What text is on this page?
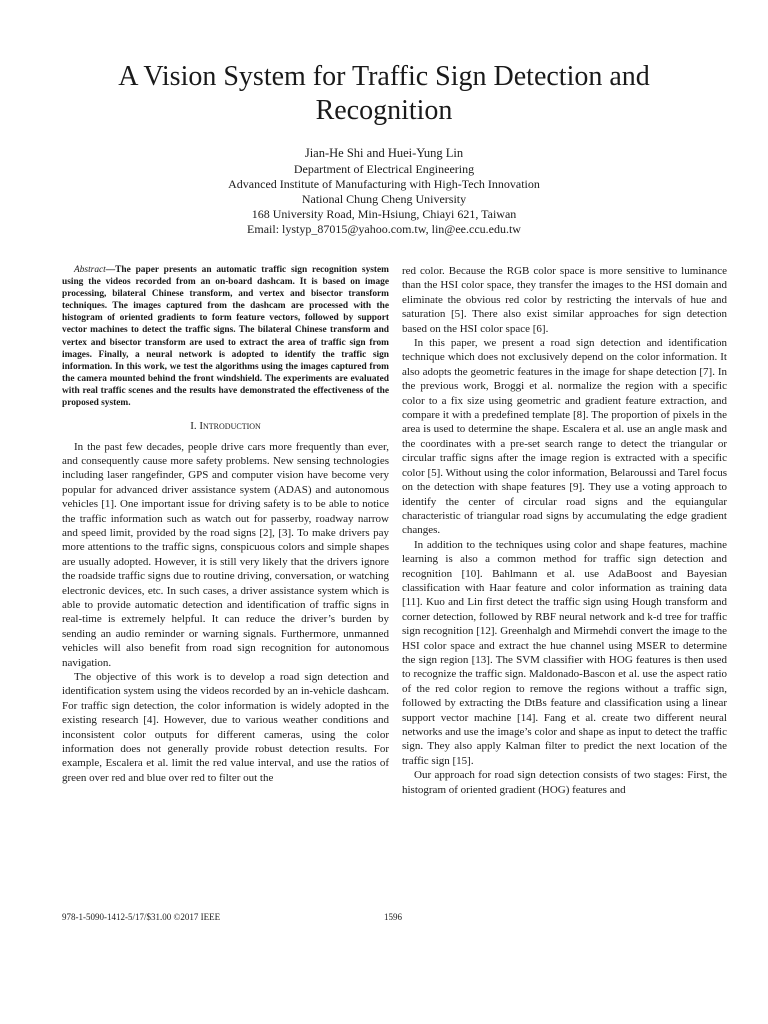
A Vision System for Traffic Sign Detection and
Recognition
Jian-He Shi and Huei-Yung Lin
Department of Electrical Engineering
Advanced Institute of Manufacturing with High-Tech Innovation
National Chung Cheng University
168 University Road, Min-Hsiung, Chiayi 621, Taiwan
Email: lystyp_87015@yahoo.com.tw, lin@ee.ccu.edu.tw

Abstract—The paper presents an automatic traffic sign recognition system using the videos recorded from an on-board dashcam. It is based on image processing, bilateral Chinese transform, and vertex and bisector transform techniques. The images captured from the dashcam are processed with the histogram of oriented gradients to form feature vectors, followed by support vector machines to detect the traffic signs. The bilateral Chinese transform and vertex and bisector transform are used to extract the area of traffic sign from images. Finally, a neural network is adopted to identify the traffic sign information. In this work, we test the algorithms using the images captured from the camera mounted behind the front windshield. The experiments are evaluated with real traffic scenes and the results have demonstrated the effectiveness of the proposed system.

I. Introduction

In the past few decades, people drive cars more frequently than ever, and consequently cause more safety problems. New sensing technologies including laser rangefinder, GPS and computer vision have become very popular for advanced driver assistance system (ADAS) and autonomous vehicles [1]. One important issue for driving safety is to be able to notice the traffic information such as watch out for passerby, roadway narrow and speed limit, provided by the road signs [2], [3]. To make drivers pay more attentions to the traffic signs, conspicuous colors and simple shapes are usually adopted. However, it is still very likely that the drivers ignore the roadside traffic signs due to routine driving, conversation, or watching electronic devices, etc. In such cases, a driver assistance system which is able to provide automatic detection and identification of traffic signs in real-time is extremely helpful. It can reduce the driver’s burden by sending an audio reminder or warning signals. Furthermore, unmanned vehicles will also benefit from road sign recognition for autonomous navigation.

The objective of this work is to develop a road sign detection and identification system using the videos recorded by an in-vehicle dashcam. For traffic sign detection, the color information is widely adopted in the existing research [4]. However, due to various weather conditions and inconsistent color outputs for different cameras, using the color information does not generally provide robust detection results. For example, Escalera et al. limit the red value interval, and use the ratios of green over red and blue over red to filter out the

red color. Because the RGB color space is more sensitive to luminance than the HSI color space, they transfer the images to the HSI domain and eliminate the obvious red color by restricting the intervals of hue and saturation [5]. There also exist similar approaches for sign detection based on the HSI color space [6].

In this paper, we present a road sign detection and identification technique which does not exclusively depend on the color information. It also adopts the geometric features in the image for shape detection [7]. In the previous work, Broggi et al. normalize the region with a specific color to a fix size using geometric and gradient feature extraction, and compare it with a predefined template [8]. The proportion of pixels in the area is used to determine the shape. Escalera et al. use an angle mask and the coordinates with a pre-set search range to detect the triangular or circular traffic signs after the image region is extracted with a specific color [5]. Without using the color information, Belaroussi and Tarel focus on the detection with shape features [9]. They use a voting approach to identify the center of circular road signs and the equiangular characteristic of triangular road signs by accumulating the edge gradient changes.

In addition to the techniques using color and shape features, machine learning is also a common method for traffic sign detection and recognition [10]. Bahlmann et al. use AdaBoost and Bayesian classification with Haar feature and color information as training data [11]. Kuo and Lin first detect the traffic sign using Hough transform and corner detection, followed by RBF neural network and k-d tree for traffic sign recognition [12]. Greenhalgh and Mirmehdi convert the image to the HSI color space and extract the hue channel using MSER to determine the sign region [13]. The SVM classifier with HOG features is then used to recognize the traffic sign. Maldonado-Bascon et al. use the aspect ratio of the red color region to remove the regions without a traffic sign, followed by extracting the DtBs feature and classification using a linear support vector machine [14]. Fang et al. create two different neural networks and use the image’s color and shape as input to detect the traffic sign. They also apply Kalman filter to predict the next location of the traffic sign [15].

Our approach for road sign detection consists of two stages: First, the histogram of oriented gradient (HOG) features and

978-1-5090-1412-5/17/$31.00 ©2017 IEEE	1596
